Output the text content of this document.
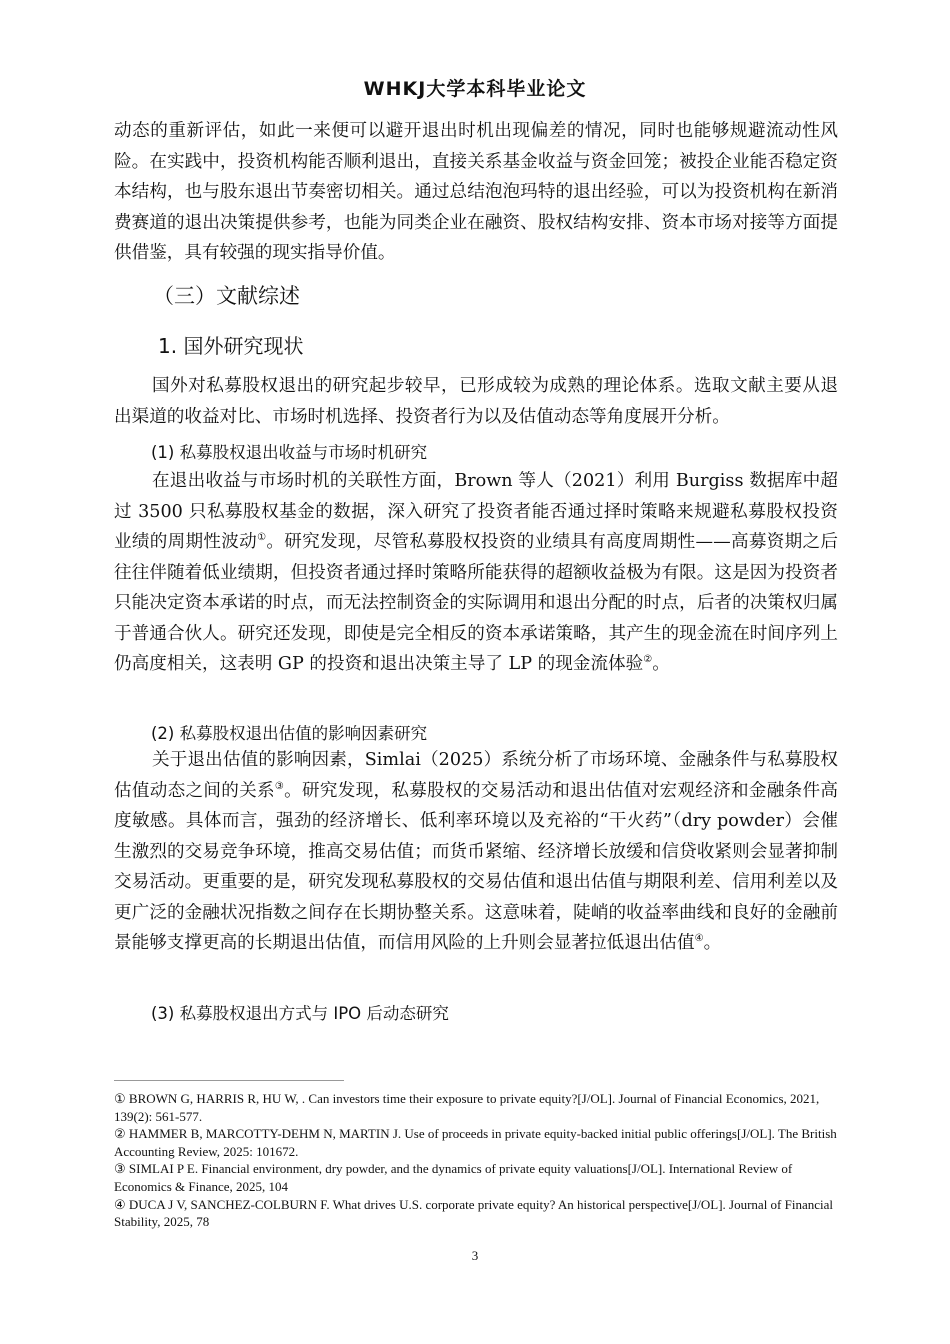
WHKJ大学本科毕业论文

动态的重新评估，如此一来便可以避开退出时机出现偏差的情况，同时也能够规避流动性风险。在实践中，投资机构能否顺利退出，直接关系基金收益与资金回笼；被投企业能否稳定资本结构，也与股东退出节奏密切相关。通过总结泡泡玛特的退出经验，可以为投资机构在新消费赛道的退出决策提供参考，也能为同类企业在融资、股权结构安排、资本市场对接等方面提供借鉴，具有较强的现实指导价值。

（三）文献综述
1. 国外研究现状

国外对私募股权退出的研究起步较早，已形成较为成熟的理论体系。选取文献主要从退出渠道的收益对比、市场时机选择、投资者行为以及估值动态等角度展开分析。

(1) 私募股权退出收益与市场时机研究

在退出收益与市场时机的关联性方面，Brown 等人（2021）利用 Burgiss 数据库中超过 3500 只私募股权基金的数据，深入研究了投资者能否通过择时策略来规避私募股权投资业绩的周期性波动①。研究发现，尽管私募股权投资的业绩具有高度周期性——高募资期之后往往伴随着低业绩期，但投资者通过择时策略所能获得的超额收益极为有限。这是因为投资者只能决定资本承诺的时点，而无法控制资金的实际调用和退出分配的时点，后者的决策权归属于普通合伙人。研究还发现，即使是完全相反的资本承诺策略，其产生的现金流在时间序列上仍高度相关，这表明 GP 的投资和退出决策主导了 LP 的现金流体验②。

(2) 私募股权退出估值的影响因素研究

关于退出估值的影响因素，Simlai（2025）系统分析了市场环境、金融条件与私募股权估值动态之间的关系③。研究发现，私募股权的交易活动和退出估值对宏观经济和金融条件高度敏感。具体而言，强劲的经济增长、低利率环境以及充裕的“干火药”（dry powder）会催生激烈的交易竞争环境，推高交易估值；而货币紧缩、经济增长放缓和信贷收紧则会显著抑制交易活动。更重要的是，研究发现私募股权的交易估值和退出估值与期限利差、信用利差以及更广泛的金融状况指数之间存在长期协整关系。这意味着，陡峭的收益率曲线和良好的金融前景能够支撑更高的长期退出估值，而信用风险的上升则会显著拉低退出估值④。

(3) 私募股权退出方式与 IPO 后动态研究

① BROWN G, HARRIS R, HU W, . Can investors time their exposure to private equity?[J/OL]. Journal of Financial Economics, 2021, 139(2): 561-577.

② HAMMER B, MARCOTTY-DEHM N, MARTIN J. Use of proceeds in private equity-backed initial public offerings[J/OL]. The British Accounting Review, 2025: 101672.

③ SIMLAI P E. Financial environment, dry powder, and the dynamics of private equity valuations[J/OL]. International Review of Economics & Finance, 2025, 104

④ DUCA J V, SANCHEZ-COLBURN F. What drives U.S. corporate private equity? An historical perspective[J/OL]. Journal of Financial Stability, 2025, 78

3
